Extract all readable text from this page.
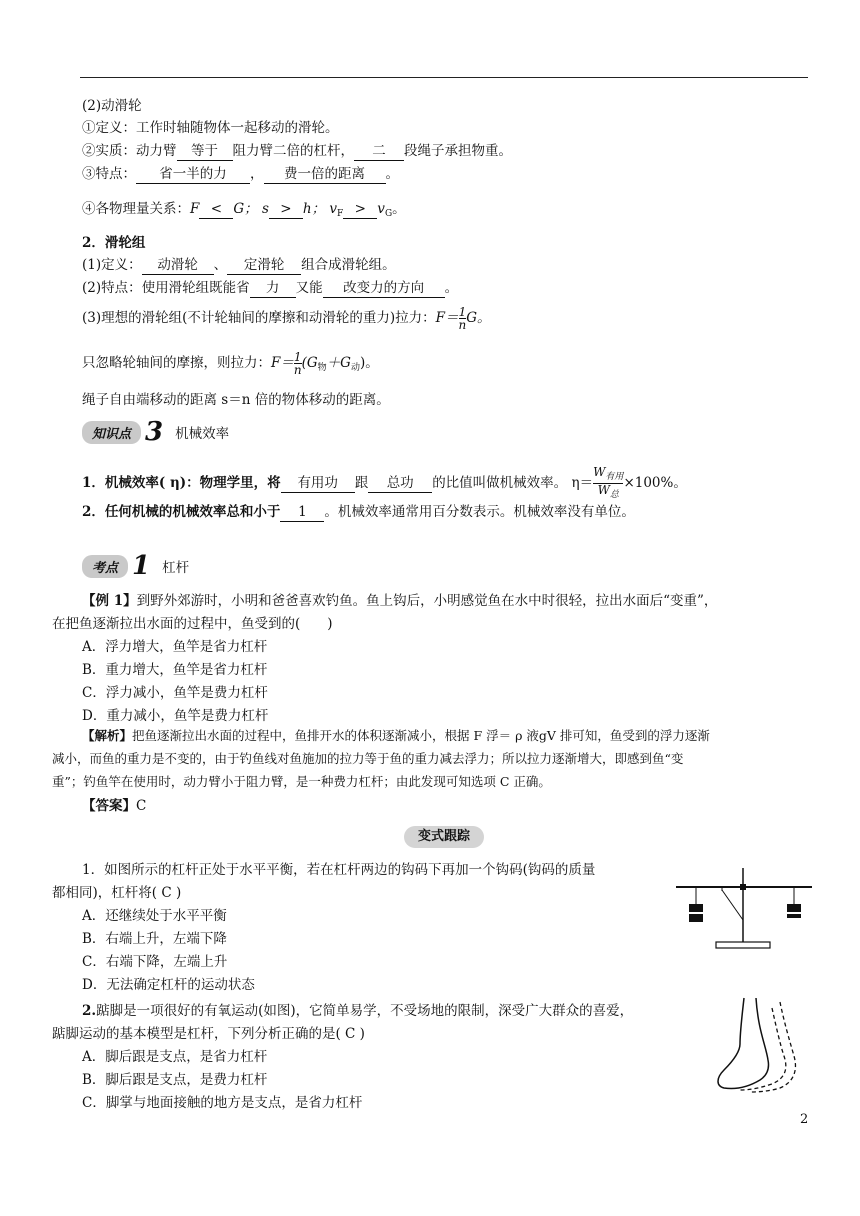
(2)动滑轮
①定义：工作时轴随物体一起移动的滑轮。
②实质：动力臂 等于 阻力臂二倍的杠杆， 二 段绳子承担物重。
③特点： 省一半的力 ， 费一倍的距离 。
④各物理量关系：F < G； s > h； $v_F > v_G$。
2．滑轮组
(1)定义： 动滑轮 、 定滑轮 组合成滑轮组。
(2)特点：使用滑轮组既能省 力 又能 改变力的方向 。
(3)理想的滑轮组(不计轮轴间的摩擦和动滑轮的重力)拉力：$F= \frac{1}{n}$ G。
只忽略轮轴间的摩擦，则拉力：$F= \frac{1}{n} (G_物+G_动)$。
绳子自由端移动的距离 s＝n 倍的物体移动的距离。
知识点 3 机械效率
1．机械效率( η)：物理学里，将 有用功 跟 总功 的比值叫做机械效率。 $\eta= \frac{W_{有用}}{W_总} \times 100\%$。
2．任何机械的机械效率总和小于 1 。机械效率通常用百分数表示。机械效率没有单位。
考点 1 杠杆
【例 1】到野外郊游时，小明和爸爸喜欢钓鱼。鱼上钩后，小明感觉鱼在水中时很轻，拉出水面后“变重”，
在把鱼逐渐拉出水面的过程中，鱼受到的(　　)
A．浮力增大，鱼竿是省力杠杆
B．重力增大，鱼竿是省力杠杆
C．浮力减小，鱼竿是费力杠杆
D．重力减小，鱼竿是费力杠杆
【解析】把鱼逐渐拉出水面的过程中，鱼排开水的体积逐渐减小，根据 F 浮＝ ρ 液gV 排可知，鱼受到的浮力逐渐
减小，而鱼的重力是不变的，由于钓鱼线对鱼施加的拉力等于鱼的重力减去浮力；所以拉力逐渐增大，即感到鱼“变
重”；钓鱼竿在使用时，动力臂小于阻力臂，是一种费力杠杆；由此发现可知选项 C 正确。
【答案】C
变式跟踪
1．如图所示的杠杆正处于水平平衡，若在杠杆两边的钩码下再加一个钩码(钩码的质量
都相同)，杠杆将( C )
A．还继续处于水平平衡
B．右端上升，左端下降
C．右端下降，左端上升
D．无法确定杠杆的运动状态
2.踮脚是一项很好的有氧运动(如图)，它简单易学，不受场地的限制，深受广大群众的喜爱，
踮脚运动的基本模型是杠杆，下列分析正确的是( C )
A．脚后跟是支点，是省力杠杆
B．脚后跟是支点，是费力杠杆
C．脚掌与地面接触的地方是支点，是省力杠杆
2
